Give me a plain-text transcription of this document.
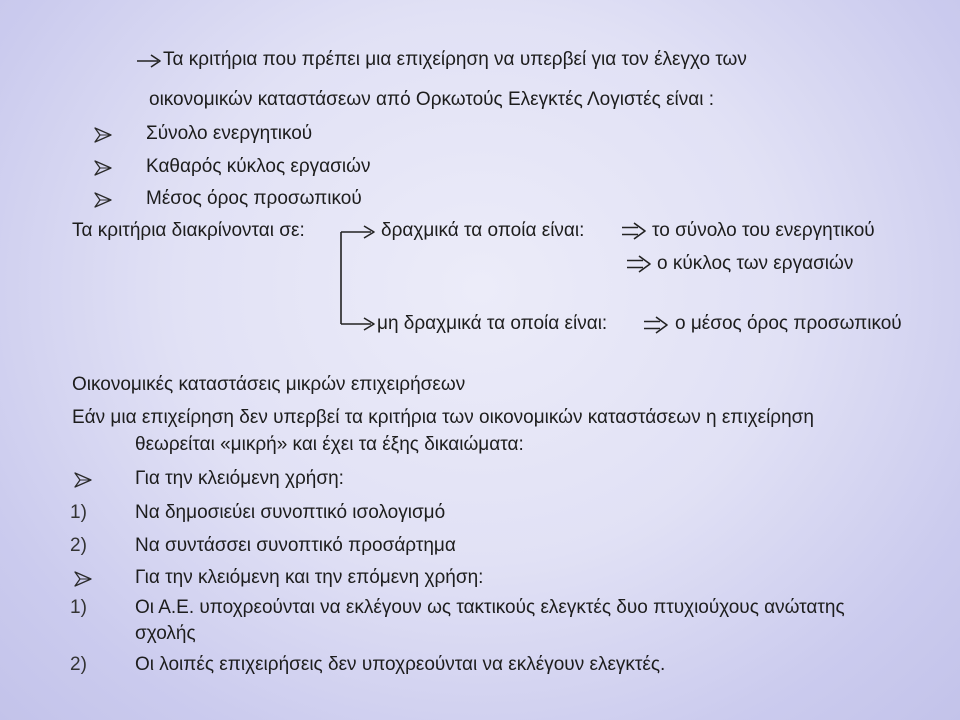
Τα κριτήρια που πρέπει μια επιχείρηση να υπερβεί για τον έλεγχο των
οικονομικών καταστάσεων από Ορκωτούς Ελεγκτές Λογιστές είναι :
Σύνολο ενεργητικού
Καθαρός κύκλος εργασιών
Μέσος όρος προσωπικού
Τα κριτήρια διακρίνονται σε:	δραχμικά τα οποία είναι:	το σύνολο του ενεργητικού
ο κύκλος των εργασιών
μη δραχμικά τα οποία είναι:	ο μέσος όρος προσωπικού
Οικονομικές καταστάσεις μικρών επιχειρήσεων
Εάν μια επιχείρηση δεν υπερβεί τα κριτήρια των οικονομικών καταστάσεων η επιχείρηση
θεωρείται «μικρή» και έχει τα έξης δικαιώματα:
Για την κλειόμενη χρήση:
1)	Να δημοσιεύει συνοπτικό ισολογισμό
2)	Να συντάσσει συνοπτικό προσάρτημα
Για την κλειόμενη και την επόμενη χρήση:
1)	Οι Α.Ε. υποχρεούνται να εκλέγουν ως τακτικούς ελεγκτές δυο πτυχιούχους ανώτατης
σχολής
2)	Οι λοιπές επιχειρήσεις δεν υποχρεούνται να εκλέγουν ελεγκτές.
